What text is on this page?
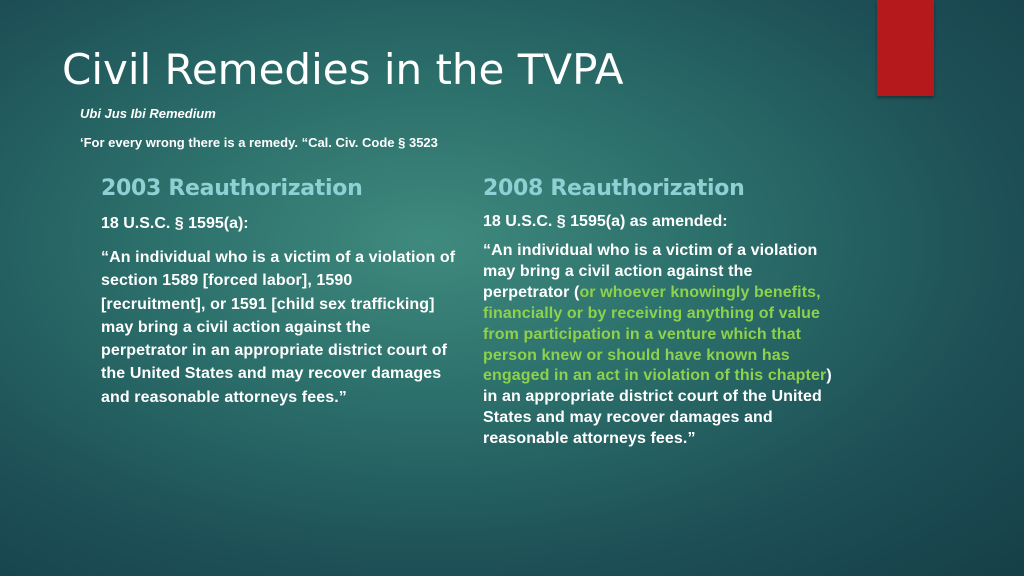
Civil Remedies in the TVPA
Ubi Jus Ibi Remedium
‘For every wrong there is a remedy. “Cal. Civ. Code § 3523
2003 Reauthorization
18 U.S.C. § 1595(a):
“An individual who is a victim of a violation of section 1589 [forced labor], 1590 [recruitment], or 1591 [child sex trafficking] may bring a civil action against the perpetrator in an appropriate district court of the United States and may recover damages and reasonable attorneys fees.”
2008 Reauthorization
18 U.S.C. § 1595(a) as amended:
“An individual who is a victim of a violation may bring a civil action against the perpetrator (or whoever knowingly benefits, financially or by receiving anything of value from participation in a venture which that person knew or should have known has engaged in an act in violation of this chapter) in an appropriate district court of the United States and may recover damages and reasonable attorneys fees.”
